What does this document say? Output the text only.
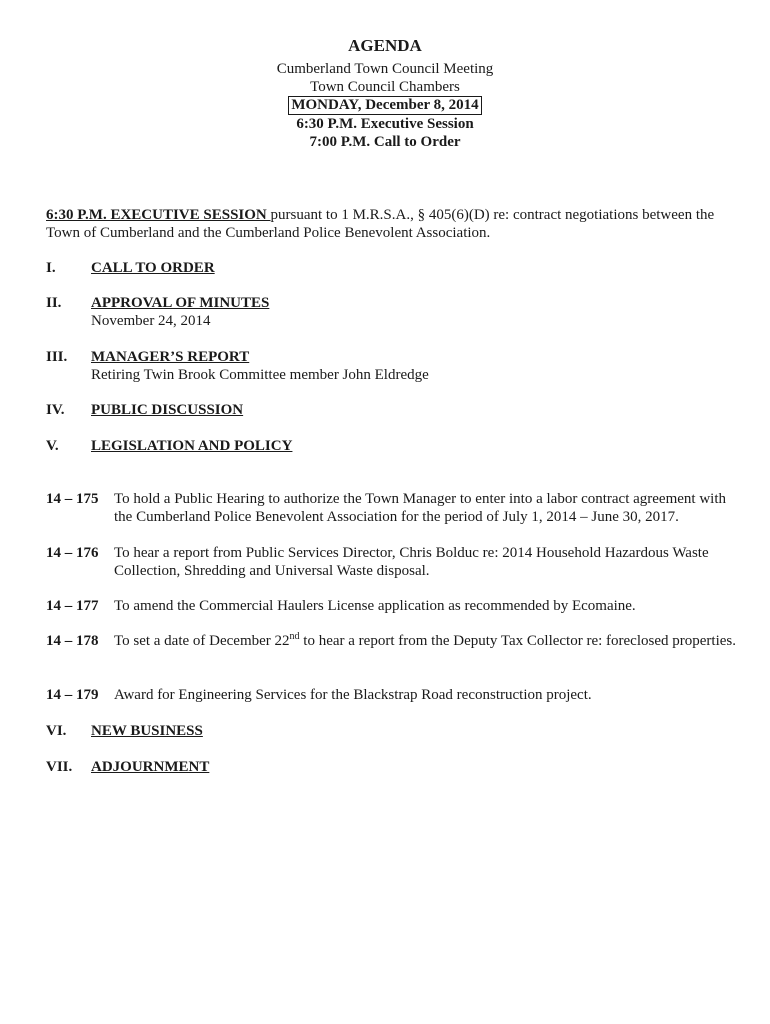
AGENDA
Cumberland Town Council Meeting
Town Council Chambers
MONDAY, December 8, 2014
6:30 P.M. Executive Session
7:00 P.M. Call to Order
6:30 P.M. EXECUTIVE SESSION pursuant to 1 M.R.S.A., § 405(6)(D) re: contract negotiations between the Town of Cumberland and the Cumberland Police Benevolent Association.
I. CALL TO ORDER
II. APPROVAL OF MINUTES
November 24, 2014
III. MANAGER’S REPORT
Retiring Twin Brook Committee member John Eldredge
IV. PUBLIC DISCUSSION
V. LEGISLATION AND POLICY
14 – 175 To hold a Public Hearing to authorize the Town Manager to enter into a labor contract agreement with the Cumberland Police Benevolent Association for the period of July 1, 2014 – June 30, 2017.
14 – 176 To hear a report from Public Services Director, Chris Bolduc re: 2014 Household Hazardous Waste Collection, Shredding and Universal Waste disposal.
14 – 177 To amend the Commercial Haulers License application as recommended by Ecomaine.
14 – 178 To set a date of December 22nd to hear a report from the Deputy Tax Collector re: foreclosed properties.
14 – 179 Award for Engineering Services for the Blackstrap Road reconstruction project.
VI. NEW BUSINESS
VII. ADJOURNMENT
